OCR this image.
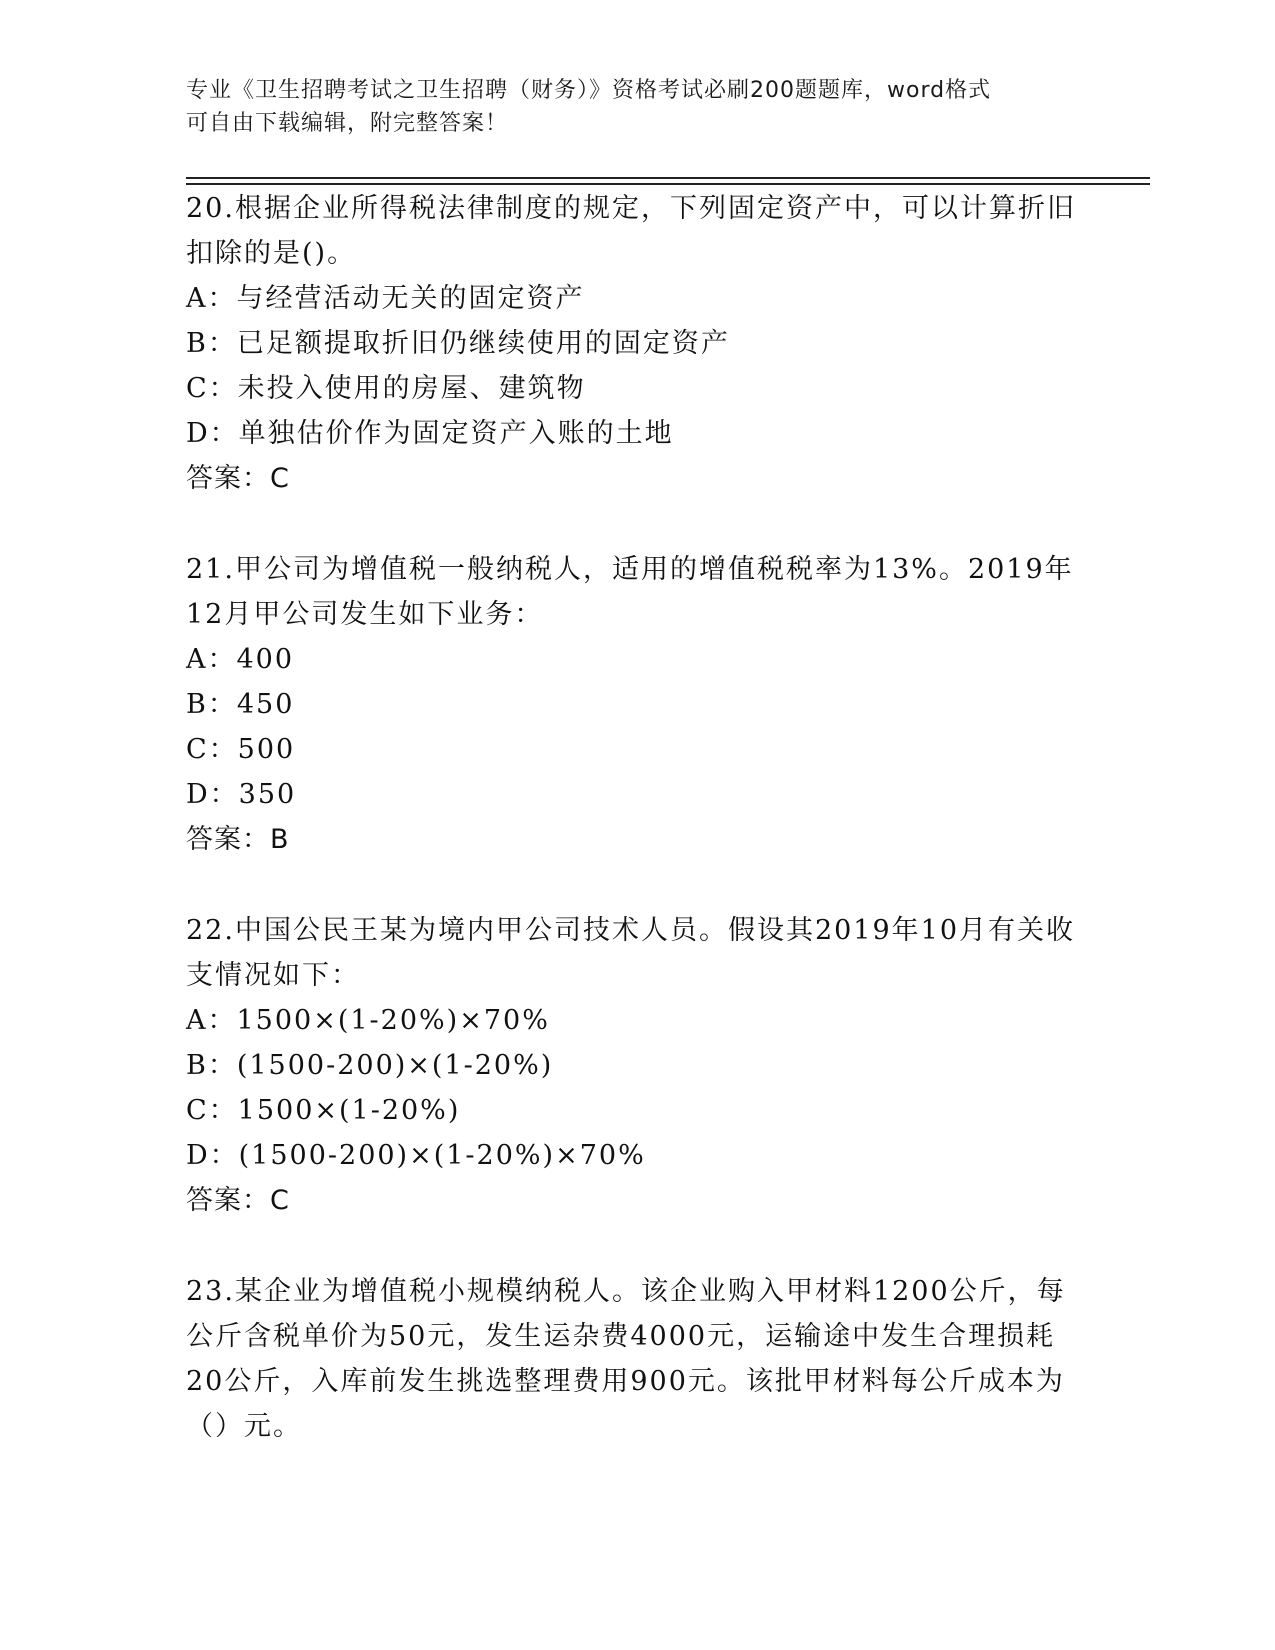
专业《卫生招聘考试之卫生招聘（财务）》资格考试必刷200题题库，word格式
可自由下载编辑，附完整答案！
20.根据企业所得税法律制度的规定，下列固定资产中，可以计算折旧
扣除的是()。
A：与经营活动无关的固定资产
B：已足额提取折旧仍继续使用的固定资产
C：未投入使用的房屋、建筑物
D：单独估价作为固定资产入账的土地
答案：C
21.甲公司为增值税一般纳税人，适用的增值税税率为13%。2019年
12月甲公司发生如下业务：
A：400
B：450
C：500
D：350
答案：B
22.中国公民王某为境内甲公司技术人员。假设其2019年10月有关收
支情况如下：
A：1500×(1-20%)×70%
B：(1500-200)×(1-20%)
C：1500×(1-20%)
D：(1500-200)×(1-20%)×70%
答案：C
23.某企业为增值税小规模纳税人。该企业购入甲材料1200公斤，每
公斤含税单价为50元，发生运杂费4000元，运输途中发生合理损耗
20公斤，入库前发生挑选整理费用900元。该批甲材料每公斤成本为
（）元。
